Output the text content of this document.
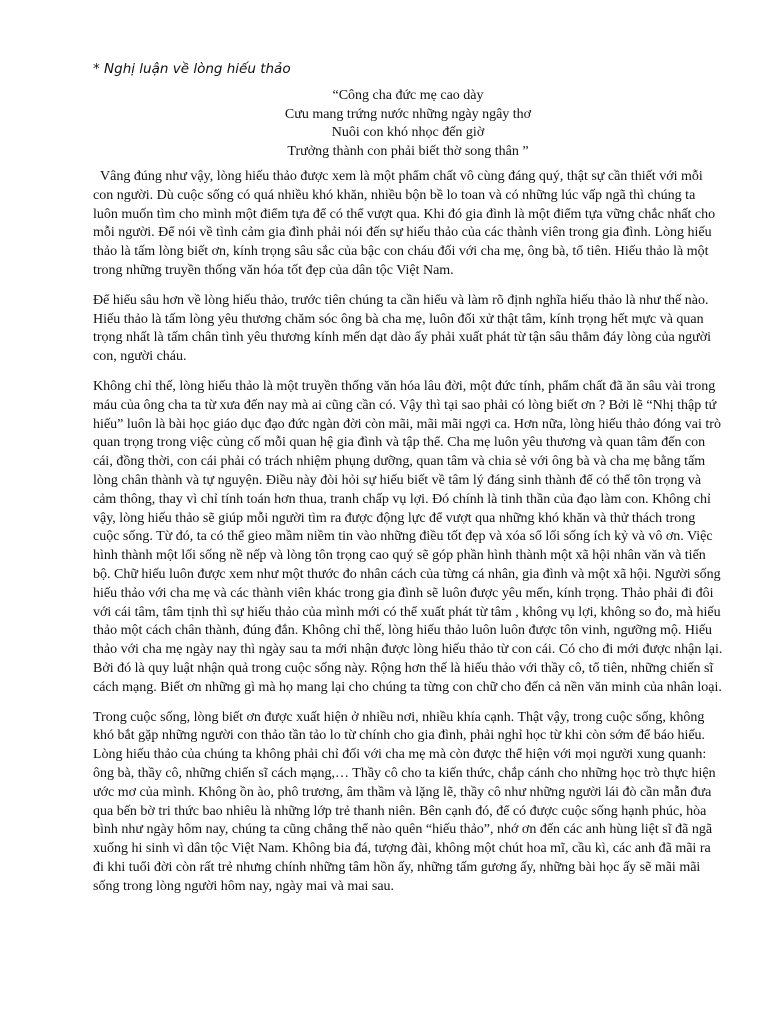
* Nghị luận về lòng hiếu thảo
“Công cha đức mẹ cao dày
Cưu mang trứng nước những ngày ngây thơ
Nuôi con khó nhọc đến giờ
Trưởng thành con phải biết thờ song thân ”

Vâng đúng như vậy, lòng hiếu thảo được xem là một phẩm chất vô cùng đáng quý, thật sự cần thiết với mỗi con người. Dù cuộc sống có quá nhiều khó khăn, nhiều bộn bề lo toan và có những lúc vấp ngã thì chúng ta luôn muốn tìm cho mình một điểm tựa để có thể vượt qua. Khi đó gia đình là một điểm tựa vững chắc nhất cho mỗi người. Để nói về tình cảm gia đình phải nói đến sự hiếu thảo của các thành viên trong gia đình. Lòng hiếu thảo là tấm lòng biết ơn, kính trọng sâu sắc của bậc con cháu đối với cha mẹ, ông bà, tổ tiên. Hiếu thảo là một trong những truyền thống văn hóa tốt đẹp của dân tộc Việt Nam.

Để hiểu sâu hơn về lòng hiếu thảo, trước tiên chúng ta cần hiểu và làm rõ định nghĩa hiếu thảo là như thế nào. Hiếu thảo là tấm lòng yêu thương chăm sóc ông bà cha mẹ, luôn đối xử thật tâm, kính trọng hết mực và quan trọng nhất là tấm chân tình yêu thương kính mến dạt dào ấy phải xuất phát từ tận sâu thẳm đáy lòng của người con, người cháu.

Không chỉ thế, lòng hiếu thảo là một truyền thống văn hóa lâu đời, một đức tính, phẩm chất đã ăn sâu vài trong máu của ông cha ta từ xưa đến nay mà ai cũng cần có. Vậy thì tại sao phải có lòng biết ơn ? Bởi lẽ “Nhị thập tứ hiếu” luôn là bài học giáo dục đạo đức ngàn đời còn mãi, mãi mãi ngợi ca. Hơn nữa, lòng hiếu thảo đóng vai trò quan trọng trong việc củng cố mỗi quan hệ gia đình và tập thể. Cha mẹ luôn yêu thương và quan tâm đến con cái, đồng thời, con cái phải có trách nhiệm phụng dưỡng, quan tâm và chia sẻ với ông bà và cha mẹ bằng tấm lòng chân thành và tự nguyện. Điều này đòi hỏi sự hiếu biết về tâm lý đáng sinh thành để có thể tôn trọng và cảm thông, thay vì chỉ tính toán hơn thua, tranh chấp vụ lợi. Đó chính là tinh thần của đạo làm con. Không chỉ vậy, lòng hiếu thảo sẽ giúp mỗi người tìm ra được động lực để vượt qua những khó khăn và thử thách trong cuộc sống. Từ đó, ta có thể gieo mầm niềm tin vào những điều tốt đẹp và xóa sổ lối sống ích kỷ và vô ơn. Việc hình thành một lối sống nề nếp và lòng tôn trọng cao quý sẽ góp phần hình thành một xã hội nhân văn và tiến bộ. Chữ hiếu luôn được xem như một thước đo nhân cách của từng cá nhân, gia đình và một xã hội. Người sống hiếu thảo với cha mẹ và các thành viên khác trong gia đình sẽ luôn được yêu mến, kính trọng. Thảo phải đi đôi với cái tâm, tâm tịnh thì sự hiếu thảo của mình mới có thể xuất phát từ tâm , không vụ lợi, không so đo, mà hiếu thảo một cách chân thành, đúng đắn. Không chỉ thế, lòng hiếu thảo luôn luôn được tôn vinh, ngưỡng mộ. Hiếu thảo với cha mẹ ngày nay thì ngày sau ta mới nhận được lòng hiếu thảo từ con cái. Có cho đi mới được nhận lại. Bởi đó là quy luật nhận quả trong cuộc sống này. Rộng hơn thế là hiếu thảo với thầy cô, tổ tiên, những chiến sĩ cách mạng. Biết ơn những gì mà họ mang lại cho chúng ta từng con chữ cho đến cả nền văn minh của nhân loại.

Trong cuộc sống, lòng biết ơn được xuất hiện ở nhiều nơi, nhiều khía cạnh. Thật vậy, trong cuộc sống, không khó bắt gặp những người con thảo tần tảo lo từ chính cho gia đình, phải nghỉ học từ khi còn sớm để báo hiếu. Lòng hiếu thảo của chúng ta không phải chỉ đối với cha mẹ mà còn được thể hiện với mọi người xung quanh: ông bà, thầy cô, những chiến sĩ cách mạng,… Thầy cô cho ta kiến thức, chắp cánh cho những học trò thực hiện ước mơ của mình. Không ồn ào, phô trương, âm thầm và lặng lẽ, thầy cô như những người lái đò cần mẫn đưa qua bến bờ tri thức bao nhiêu là những lớp trẻ thanh niên. Bên cạnh đó, để có được cuộc sống hạnh phúc, hòa bình như ngày hôm nay, chúng ta cũng chẳng thể nào quên “hiếu thảo”, nhớ ơn đến các anh hùng liệt sĩ đã ngã xuống hi sinh vì dân tộc Việt Nam. Không bia đá, tượng đài, không một chút hoa mĩ, cầu kì, các anh đã mãi ra đi khi tuổi đời còn rất trẻ nhưng chính những tâm hồn ấy, những tấm gương ấy, những bài học ấy sẽ mãi mãi sống trong lòng người hôm nay, ngày mai và mai sau.
